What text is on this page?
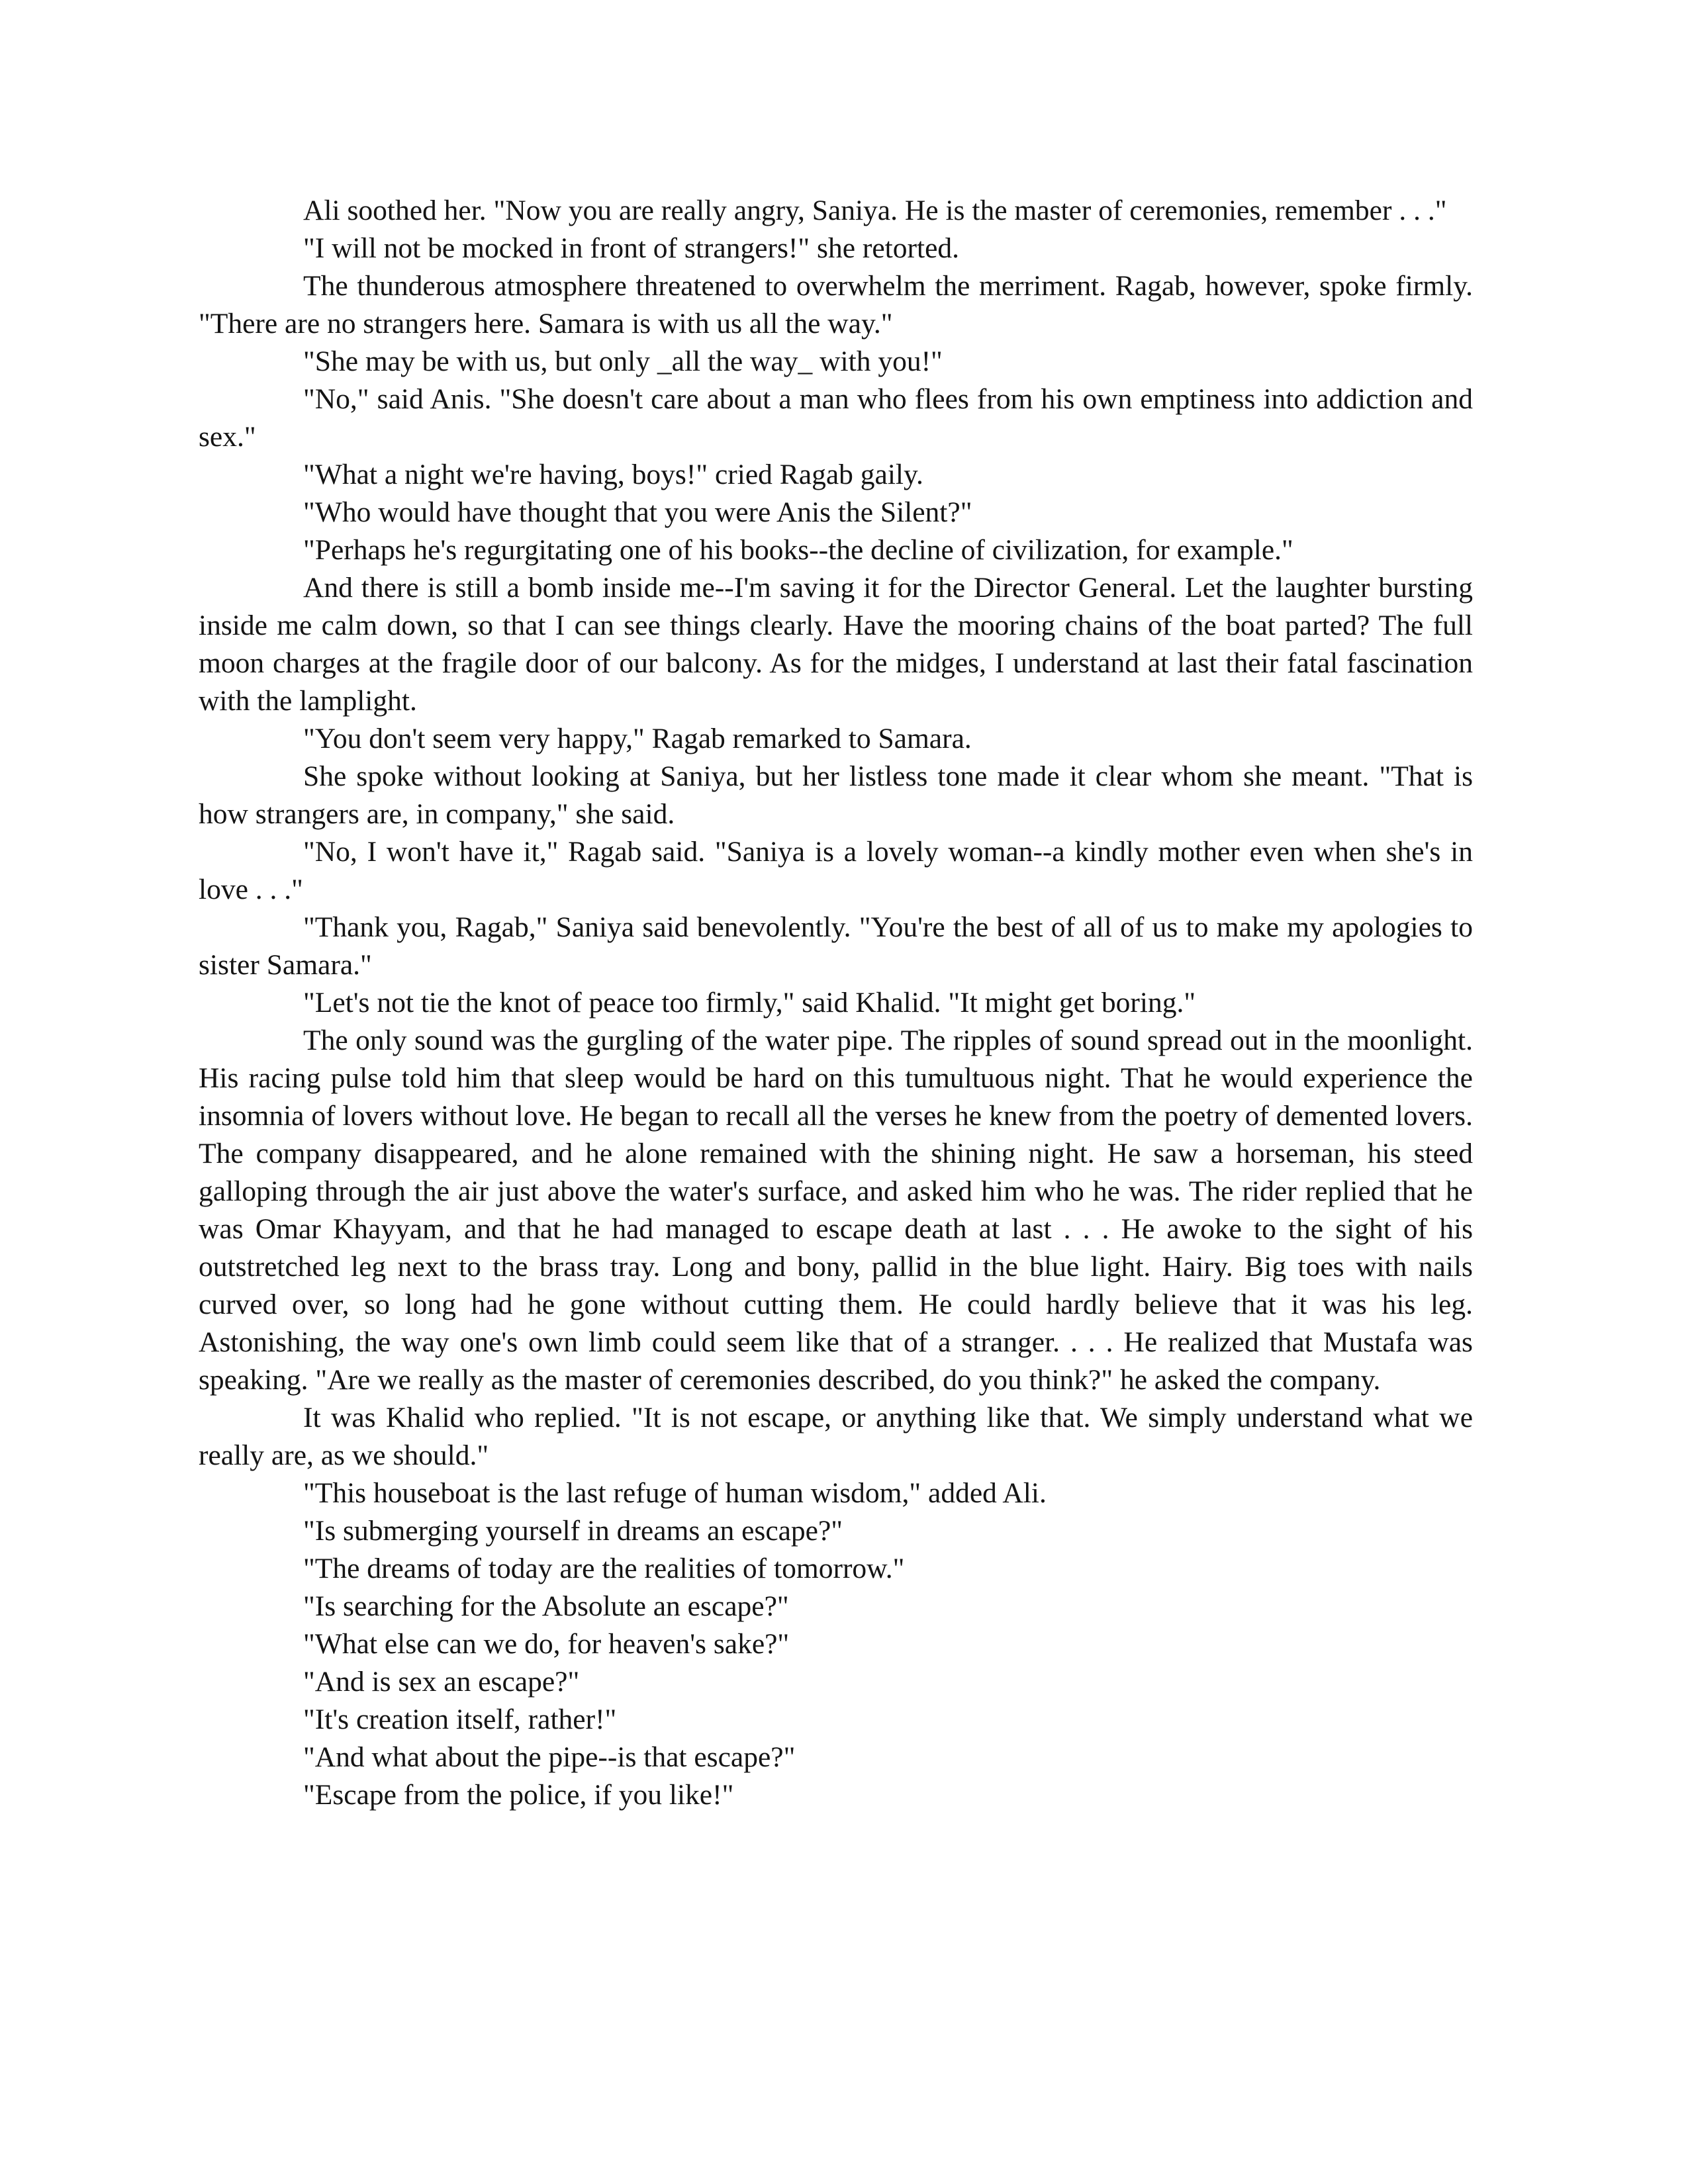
Ali soothed her. "Now you are really angry, Saniya. He is the master of ceremonies, remember . . ."

"I will not be mocked in front of strangers!" she retorted.

The thunderous atmosphere threatened to overwhelm the merriment. Ragab, however, spoke firmly. "There are no strangers here. Samara is with us all the way."

"She may be with us, but only _all the way_ with you!"

"No," said Anis. "She doesn't care about a man who flees from his own emptiness into addiction and sex."

"What a night we're having, boys!" cried Ragab gaily.

"Who would have thought that you were Anis the Silent?"

"Perhaps he's regurgitating one of his books--the decline of civilization, for example."

And there is still a bomb inside me--I'm saving it for the Director General. Let the laughter bursting inside me calm down, so that I can see things clearly. Have the mooring chains of the boat parted? The full moon charges at the fragile door of our balcony. As for the midges, I understand at last their fatal fascination with the lamplight.

"You don't seem very happy," Ragab remarked to Samara.

She spoke without looking at Saniya, but her listless tone made it clear whom she meant. "That is how strangers are, in company," she said.

"No, I won't have it," Ragab said. "Saniya is a lovely woman--a kindly mother even when she's in love . . ."

"Thank you, Ragab," Saniya said benevolently. "You're the best of all of us to make my apologies to sister Samara."

"Let's not tie the knot of peace too firmly," said Khalid. "It might get boring."

The only sound was the gurgling of the water pipe. The ripples of sound spread out in the moonlight. His racing pulse told him that sleep would be hard on this tumultuous night. That he would experience the insomnia of lovers without love. He began to recall all the verses he knew from the poetry of demented lovers. The company disappeared, and he alone remained with the shining night. He saw a horseman, his steed galloping through the air just above the water's surface, and asked him who he was. The rider replied that he was Omar Khayyam, and that he had managed to escape death at last . . . He awoke to the sight of his outstretched leg next to the brass tray. Long and bony, pallid in the blue light. Hairy. Big toes with nails curved over, so long had he gone without cutting them. He could hardly believe that it was his leg. Astonishing, the way one's own limb could seem like that of a stranger. . . . He realized that Mustafa was speaking. "Are we really as the master of ceremonies described, do you think?" he asked the company.

It was Khalid who replied. "It is not escape, or anything like that. We simply understand what we really are, as we should."

"This houseboat is the last refuge of human wisdom," added Ali.

"Is submerging yourself in dreams an escape?"

"The dreams of today are the realities of tomorrow."

"Is searching for the Absolute an escape?"

"What else can we do, for heaven's sake?"

"And is sex an escape?"

"It's creation itself, rather!"

"And what about the pipe--is that escape?"

"Escape from the police, if you like!"
